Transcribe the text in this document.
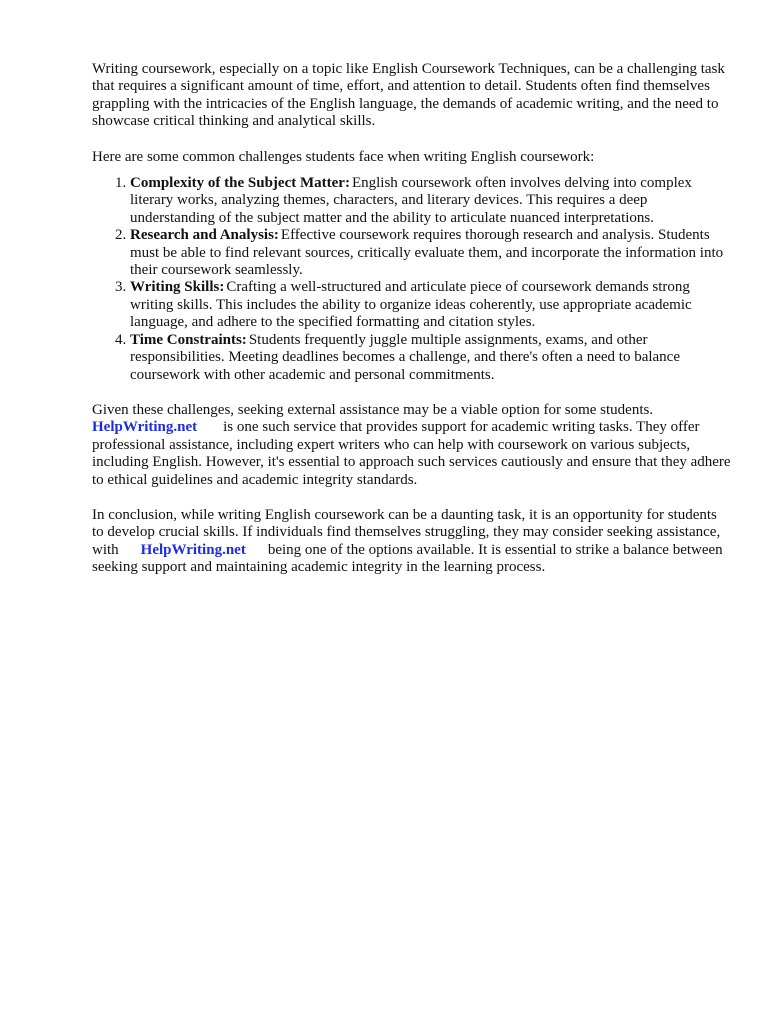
Writing coursework, especially on a topic like English Coursework Techniques, can be a challenging task that requires a significant amount of time, effort, and attention to detail. Students often find themselves grappling with the intricacies of the English language, the demands of academic writing, and the need to showcase critical thinking and analytical skills.

Here are some common challenges students face when writing English coursework:

1. Complexity of the Subject Matter: English coursework often involves delving into complex literary works, analyzing themes, characters, and literary devices. This requires a deep understanding of the subject matter and the ability to articulate nuanced interpretations.
2. Research and Analysis: Effective coursework requires thorough research and analysis. Students must be able to find relevant sources, critically evaluate them, and incorporate the information into their coursework seamlessly.
3. Writing Skills: Crafting a well-structured and articulate piece of coursework demands strong writing skills. This includes the ability to organize ideas coherently, use appropriate academic language, and adhere to the specified formatting and citation styles.
4. Time Constraints: Students frequently juggle multiple assignments, exams, and other responsibilities. Meeting deadlines becomes a challenge, and there's often a need to balance coursework with other academic and personal commitments.

Given these challenges, seeking external assistance may be a viable option for some students. HelpWriting.net is one such service that provides support for academic writing tasks. They offer professional assistance, including expert writers who can help with coursework on various subjects, including English. However, it's essential to approach such services cautiously and ensure that they adhere to ethical guidelines and academic integrity standards.

In conclusion, while writing English coursework can be a daunting task, it is an opportunity for students to develop crucial skills. If individuals find themselves struggling, they may consider seeking assistance, with HelpWriting.net being one of the options available. It is essential to strike a balance between seeking support and maintaining academic integrity in the learning process.
